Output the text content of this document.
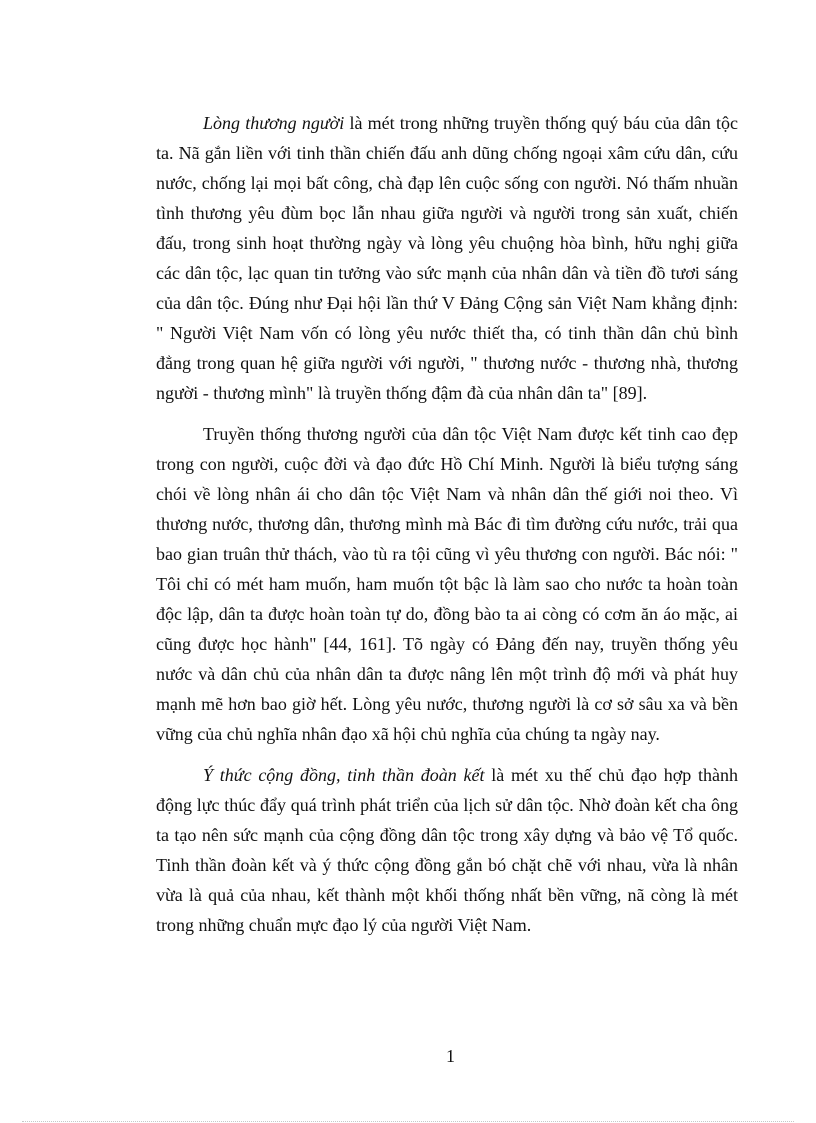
Lòng thương người là mét trong những truyền thống quý báu của dân tộc ta. Nã gắn liền với tinh thần chiến đấu anh dũng chống ngoại xâm cứu dân, cứu nước, chống lại mọi bất công, chà đạp lên cuộc sống con người. Nó thấm nhuần tình thương yêu đùm bọc lẫn nhau giữa người và người trong sản xuất, chiến đấu, trong sinh hoạt thường ngày và lòng yêu chuộng hòa bình, hữu nghị giữa các dân tộc, lạc quan tin tưởng vào sức mạnh của nhân dân và tiền đồ tươi sáng của dân tộc. Đúng như Đại hội lần thứ V Đảng Cộng sản Việt Nam khẳng định: " Người Việt Nam vốn có lòng yêu nước thiết tha, có tinh thần dân chủ bình đẳng trong quan hệ giữa người với người, " thương nước - thương nhà, thương người - thương mình" là truyền thống đậm đà của nhân dân ta" [89].

Truyền thống thương người của dân tộc Việt Nam được kết tinh cao đẹp trong con người, cuộc đời và đạo đức Hồ Chí Minh. Người là biểu tượng sáng chói về lòng nhân ái cho dân tộc Việt Nam và nhân dân thế giới noi theo. Vì thương nước, thương dân, thương mình mà Bác đi tìm đường cứu nước, trải qua bao gian truân thử thách, vào tù ra tội cũng vì yêu thương con người. Bác nói: " Tôi chỉ có mét ham muốn, ham muốn tột bậc là làm sao cho nước ta hoàn toàn độc lập, dân ta được hoàn toàn tự do, đồng bào ta ai còng có cơm ăn áo mặc, ai cũng được học hành" [44, 161]. Tõ ngày có Đảng đến nay, truyền thống yêu nước và dân chủ của nhân dân ta được nâng lên một trình độ mới và phát huy mạnh mẽ hơn bao giờ hết. Lòng yêu nước, thương người là cơ sở sâu xa và bền vững của chủ nghĩa nhân đạo xã hội chủ nghĩa của chúng ta ngày nay.

Ý thức cộng đồng, tinh thần đoàn kết là mét xu thế chủ đạo hợp thành động lực thúc đẩy quá trình phát triển của lịch sử dân tộc. Nhờ đoàn kết cha ông ta tạo nên sức mạnh của cộng đồng dân tộc trong xây dựng và bảo vệ Tổ quốc. Tinh thần đoàn kết và ý thức cộng đồng gắn bó chặt chẽ với nhau, vừa là nhân vừa là quả của nhau, kết thành một khối thống nhất bền vững, nã còng là mét trong những chuẩn mực đạo lý của người Việt Nam.

1
